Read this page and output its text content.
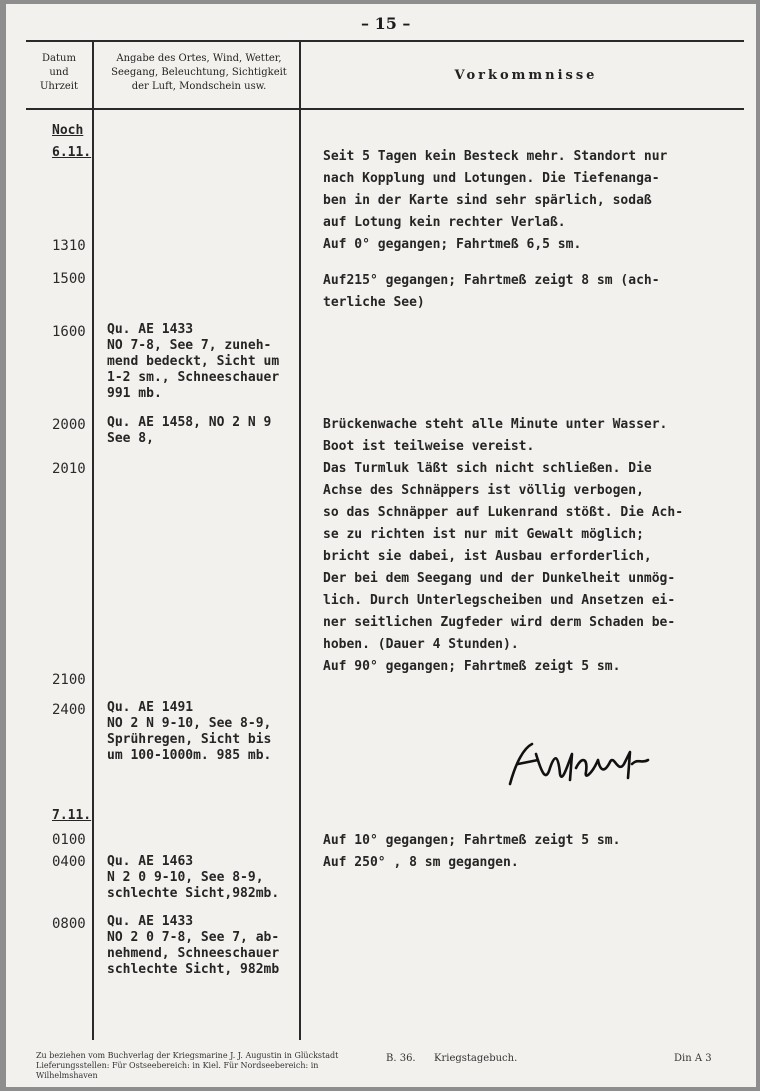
– 15 –
Datum
und
Uhrzeit
Angabe des Ortes, Wind, Wetter,
Seegang, Beleuchtung, Sichtigkeit
der Luft, Mondschein usw.
Vorkommnisse
Noch
6.11.
7.11.
1310
1500
1600
2000
2010
2100
2400
0100
0400
0800
Qu. AE 1433
NO 7-8, See 7, zuneh-
mend bedeckt, Sicht um
1-2 sm., Schneeschauer
991 mb.
Qu. AE 1458, NO 2 N 9
See 8,
Qu. AE 1491
NO 2 N 9-10, See 8-9,
Sprühregen, Sicht bis
um 100-1000m. 985 mb.
Qu. AE 1463
N 2 0 9-10, See 8-9,
schlechte Sicht,982mb.
Qu. AE 1433
NO 2 0 7-8, See 7, ab-
nehmend, Schneeschauer
schlechte Sicht, 982mb
Seit 5 Tagen kein Besteck mehr. Standort nur
nach Kopplung und Lotungen. Die Tiefenanga-
ben in der Karte sind sehr spärlich, sodaß
auf Lotung kein rechter Verlaß.
Auf 0° gegangen; Fahrtmeß 6,5 sm.
Auf215° gegangen; Fahrtmeß zeigt 8 sm (ach-
terliche See)
Brückenwache steht alle Minute unter Wasser.
Boot ist teilweise vereist.
Das Turmluk läßt sich nicht schließen. Die
Achse des Schnäppers ist völlig verbogen,
so das Schnäpper auf Lukenrand stößt. Die Ach-
se zu richten ist nur mit Gewalt möglich;
bricht sie dabei, ist Ausbau erforderlich,
Der bei dem Seegang und der Dunkelheit unmög-
lich. Durch Unterlegscheiben und Ansetzen ei-
ner seitlichen Zugfeder wird derm Schaden be-
hoben. (Dauer 4 Stunden).
Auf 90° gegangen; Fahrtmeß zeigt 5 sm.
Auf 10° gegangen; Fahrtmeß zeigt 5 sm.
Auf 250° , 8 sm gegangen.
Zu beziehen vom Buchverlag der Kriegsmarine J. J. Augustin in Glückstadt
Lieferungsstellen: Für Ostseebereich: in Kiel. Für Nordseebereich: in Wilhelmshaven
B. 36. Kriegstagebuch.	Din A 3
